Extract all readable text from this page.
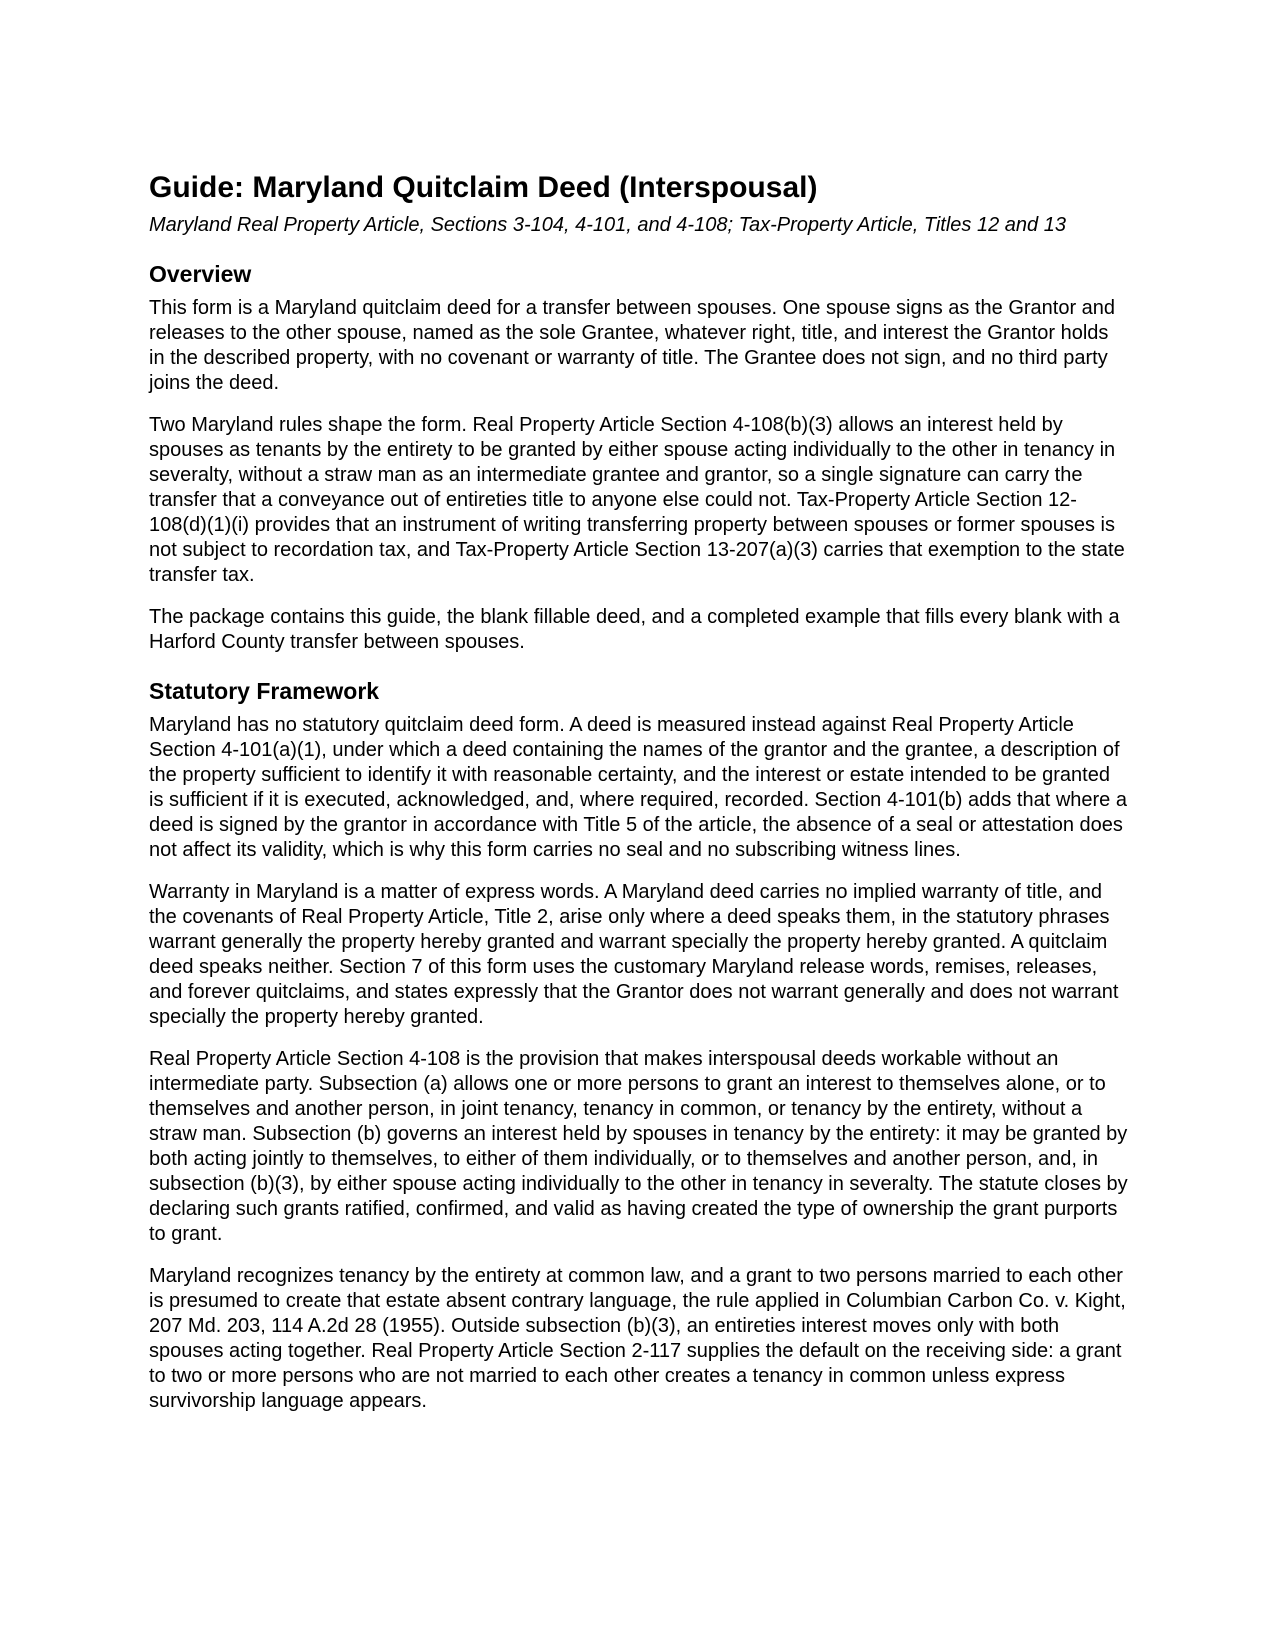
Guide: Maryland Quitclaim Deed (Interspousal)

Maryland Real Property Article, Sections 3-104, 4-101, and 4-108; Tax-Property Article, Titles 12 and 13

Overview

This form is a Maryland quitclaim deed for a transfer between spouses. One spouse signs as the Grantor and releases to the other spouse, named as the sole Grantee, whatever right, title, and interest the Grantor holds in the described property, with no covenant or warranty of title. The Grantee does not sign, and no third party joins the deed.

Two Maryland rules shape the form. Real Property Article Section 4-108(b)(3) allows an interest held by spouses as tenants by the entirety to be granted by either spouse acting individually to the other in tenancy in severalty, without a straw man as an intermediate grantee and grantor, so a single signature can carry the transfer that a conveyance out of entireties title to anyone else could not. Tax-Property Article Section 12-108(d)(1)(i) provides that an instrument of writing transferring property between spouses or former spouses is not subject to recordation tax, and Tax-Property Article Section 13-207(a)(3) carries that exemption to the state transfer tax.

The package contains this guide, the blank fillable deed, and a completed example that fills every blank with a Harford County transfer between spouses.

Statutory Framework

Maryland has no statutory quitclaim deed form. A deed is measured instead against Real Property Article Section 4-101(a)(1), under which a deed containing the names of the grantor and the grantee, a description of the property sufficient to identify it with reasonable certainty, and the interest or estate intended to be granted is sufficient if it is executed, acknowledged, and, where required, recorded. Section 4-101(b) adds that where a deed is signed by the grantor in accordance with Title 5 of the article, the absence of a seal or attestation does not affect its validity, which is why this form carries no seal and no subscribing witness lines.

Warranty in Maryland is a matter of express words. A Maryland deed carries no implied warranty of title, and the covenants of Real Property Article, Title 2, arise only where a deed speaks them, in the statutory phrases warrant generally the property hereby granted and warrant specially the property hereby granted. A quitclaim deed speaks neither. Section 7 of this form uses the customary Maryland release words, remises, releases, and forever quitclaims, and states expressly that the Grantor does not warrant generally and does not warrant specially the property hereby granted.

Real Property Article Section 4-108 is the provision that makes interspousal deeds workable without an intermediate party. Subsection (a) allows one or more persons to grant an interest to themselves alone, or to themselves and another person, in joint tenancy, tenancy in common, or tenancy by the entirety, without a straw man. Subsection (b) governs an interest held by spouses in tenancy by the entirety: it may be granted by both acting jointly to themselves, to either of them individually, or to themselves and another person, and, in subsection (b)(3), by either spouse acting individually to the other in tenancy in severalty. The statute closes by declaring such grants ratified, confirmed, and valid as having created the type of ownership the grant purports to grant.

Maryland recognizes tenancy by the entirety at common law, and a grant to two persons married to each other is presumed to create that estate absent contrary language, the rule applied in Columbian Carbon Co. v. Kight, 207 Md. 203, 114 A.2d 28 (1955). Outside subsection (b)(3), an entireties interest moves only with both spouses acting together. Real Property Article Section 2-117 supplies the default on the receiving side: a grant to two or more persons who are not married to each other creates a tenancy in common unless express survivorship language appears.
